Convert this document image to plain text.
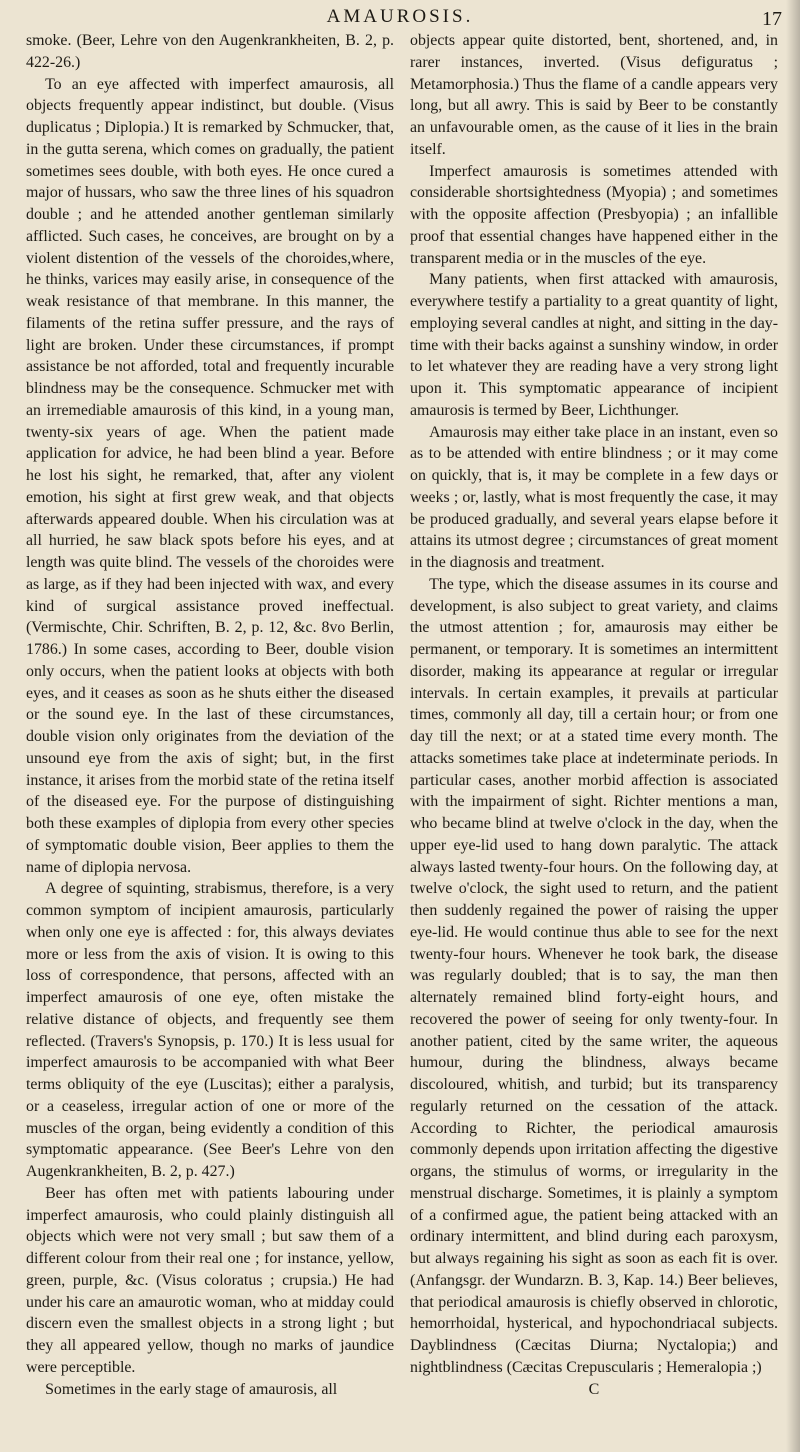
AMAUROSIS.	17

smoke. (Beer, Lehre von den Augenkrankheiten, B. 2, p. 422-26.)

To an eye affected with imperfect amaurosis, all objects frequently appear indistinct, but double. (Visus duplicatus ; Diplopia.) It is remarked by Schmucker, that, in the gutta serena, which comes on gradually, the patient sometimes sees double, with both eyes. He once cured a major of hussars, who saw the three lines of his squadron double ; and he attended another gentleman similarly afflicted. Such cases, he conceives, are brought on by a violent distention of the vessels of the choroides,where, he thinks, varices may easily arise, in consequence of the weak resistance of that membrane. In this manner, the filaments of the retina suffer pressure, and the rays of light are broken. Under these circumstances, if prompt assistance be not afforded, total and frequently incurable blindness may be the consequence. Schmucker met with an irremediable amaurosis of this kind, in a young man, twenty-six years of age. When the patient made application for advice, he had been blind a year. Before he lost his sight, he remarked, that, after any violent emotion, his sight at first grew weak, and that objects afterwards appeared double. When his circulation was at all hurried, he saw black spots before his eyes, and at length was quite blind. The vessels of the choroides were as large, as if they had been injected with wax, and every kind of surgical assistance proved ineffectual. (Vermischte, Chir. Schriften, B. 2, p. 12, &c. 8vo Berlin, 1786.) In some cases, according to Beer, double vision only occurs, when the patient looks at objects with both eyes, and it ceases as soon as he shuts either the diseased or the sound eye. In the last of these circumstances, double vision only originates from the deviation of the unsound eye from the axis of sight; but, in the first instance, it arises from the morbid state of the retina itself of the diseased eye. For the purpose of distinguishing both these examples of diplopia from every other species of symptomatic double vision, Beer applies to them the name of diplopia nervosa.

A degree of squinting, strabismus, therefore, is a very common symptom of incipient amaurosis, particularly when only one eye is affected : for, this always deviates more or less from the axis of vision. It is owing to this loss of correspondence, that persons, affected with an imperfect amaurosis of one eye, often mistake the relative distance of objects, and frequently see them reflected. (Travers's Synopsis, p. 170.) It is less usual for imperfect amaurosis to be accompanied with what Beer terms obliquity of the eye (Luscitas); either a paralysis, or a ceaseless, irregular action of one or more of the muscles of the organ, being evidently a condition of this symptomatic appearance. (See Beer's Lehre von den Augenkrankheiten, B. 2, p. 427.)

Beer has often met with patients labouring under imperfect amaurosis, who could plainly distinguish all objects which were not very small ; but saw them of a different colour from their real one ; for instance, yellow, green, purple, &c. (Visus coloratus ; crupsia.) He had under his care an amaurotic woman, who at midday could discern even the smallest objects in a strong light ; but they all appeared yellow, though no marks of jaundice were perceptible.

Sometimes in the early stage of amaurosis, all

objects appear quite distorted, bent, shortened, and, in rarer instances, inverted. (Visus defiguratus ; Metamorphosia.) Thus the flame of a candle appears very long, but all awry. This is said by Beer to be constantly an unfavourable omen, as the cause of it lies in the brain itself.

Imperfect amaurosis is sometimes attended with considerable shortsightedness (Myopia) ; and sometimes with the opposite affection (Presbyopia) ; an infallible proof that essential changes have happened either in the transparent media or in the muscles of the eye.

Many patients, when first attacked with amaurosis, everywhere testify a partiality to a great quantity of light, employing several candles at night, and sitting in the day-time with their backs against a sunshiny window, in order to let whatever they are reading have a very strong light upon it. This symptomatic appearance of incipient amaurosis is termed by Beer, Lichthunger.

Amaurosis may either take place in an instant, even so as to be attended with entire blindness ; or it may come on quickly, that is, it may be complete in a few days or weeks ; or, lastly, what is most frequently the case, it may be produced gradually, and several years elapse before it attains its utmost degree ; circumstances of great moment in the diagnosis and treatment.

The type, which the disease assumes in its course and development, is also subject to great variety, and claims the utmost attention ; for, amaurosis may either be permanent, or temporary. It is sometimes an intermittent disorder, making its appearance at regular or irregular intervals. In certain examples, it prevails at particular times, commonly all day, till a certain hour; or from one day till the next; or at a stated time every month. The attacks sometimes take place at indeterminate periods. In particular cases, another morbid affection is associated with the impairment of sight. Richter mentions a man, who became blind at twelve o'clock in the day, when the upper eye-lid used to hang down paralytic. The attack always lasted twenty-four hours. On the following day, at twelve o'clock, the sight used to return, and the patient then suddenly regained the power of raising the upper eye-lid. He would continue thus able to see for the next twenty-four hours. Whenever he took bark, the disease was regularly doubled; that is to say, the man then alternately remained blind forty-eight hours, and recovered the power of seeing for only twenty-four. In another patient, cited by the same writer, the aqueous humour, during the blindness, always became discoloured, whitish, and turbid; but its transparency regularly returned on the cessation of the attack. According to Richter, the periodical amaurosis commonly depends upon irritation affecting the digestive organs, the stimulus of worms, or irregularity in the menstrual discharge. Sometimes, it is plainly a symptom of a confirmed ague, the patient being attacked with an ordinary intermittent, and blind during each paroxysm, but always regaining his sight as soon as each fit is over. (Anfangsgr. der Wundarzn. B. 3, Kap. 14.) Beer believes, that periodical amaurosis is chiefly observed in chlorotic, hemorrhoidal, hysterical, and hypochondriacal subjects. Dayblindness (Cæcitas Diurna; Nyctalopia;) and nightblindness (Cæcitas Crepuscularis ; Hemeralopia ;)

C
